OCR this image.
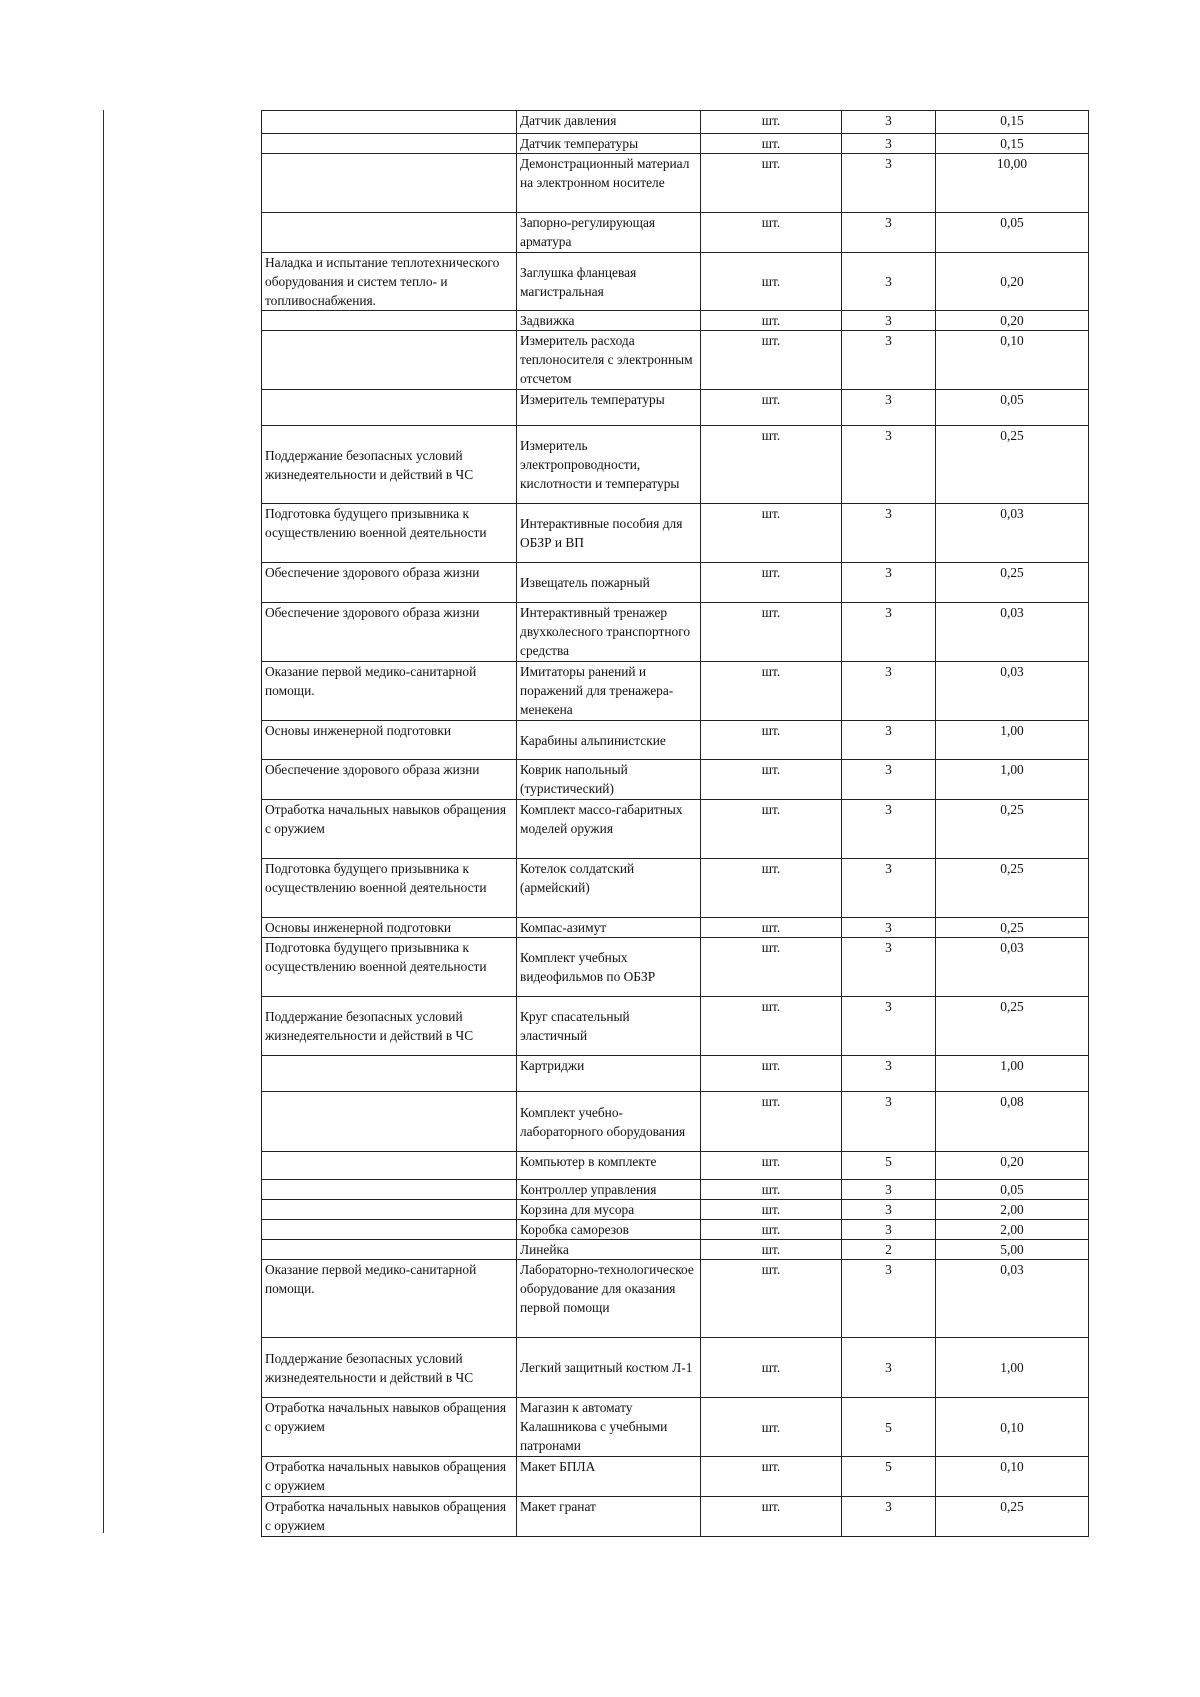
	Датчик давления	шт.	3	0,15
	Датчик температуры	шт.	3	0,15
	Демонстрационный материал на электронном носителе	шт.	3	10,00
	Запорно-регулирующая арматура	шт.	3	0,05
Наладка и испытание теплотехнического оборудования и систем тепло- и топливоснабжения.	Заглушка фланцевая магистральная	шт.	3	0,20
	Задвижка	шт.	3	0,20
	Измеритель расхода теплоносителя с электронным отсчетом	шт.	3	0,10
	Измеритель температуры	шт.	3	0,05
Поддержание безопасных условий жизнедеятельности и действий в ЧС	Измеритель электропроводности, кислотности и температуры	шт.	3	0,25
Подготовка будущего призывника к осуществлению военной деятельности	Интерактивные пособия для ОБЗР и ВП	шт.	3	0,03
Обеспечение здорового образа жизни	Извещатель пожарный	шт.	3	0,25
Обеспечение здорового образа жизни	Интерактивный тренажер двухколесного транспортного средства	шт.	3	0,03
Оказание первой медико-санитарной помощи.	Имитаторы ранений и поражений для тренажера-менекена	шт.	3	0,03
Основы инженерной подготовки	Карабины альпинистские	шт.	3	1,00
Обеспечение здорового образа жизни	Коврик напольный (туристический)	шт.	3	1,00
Отработка начальных навыков обращения с оружием	Комплект массо-габаритных моделей оружия	шт.	3	0,25
Подготовка будущего призывника к осуществлению военной деятельности	Котелок солдатский (армейский)	шт.	3	0,25
Основы инженерной подготовки	Компас-азимут	шт.	3	0,25
Подготовка будущего призывника к осуществлению военной деятельности	Комплект учебных видеофильмов по ОБЗР	шт.	3	0,03
Поддержание безопасных условий жизнедеятельности и действий в ЧС	Круг спасательный эластичный	шт.	3	0,25
	Картриджи	шт.	3	1,00
	Комплект учебно-лабораторного оборудования	шт.	3	0,08
	Компьютер в комплекте	шт.	5	0,20
	Контроллер управления	шт.	3	0,05
	Корзина для мусора	шт.	3	2,00
	Коробка саморезов	шт.	3	2,00
	Линейка	шт.	2	5,00
Оказание первой медико-санитарной помощи.	Лабораторно-технологическое оборудование для оказания первой помощи	шт.	3	0,03
Поддержание безопасных условий жизнедеятельности и действий в ЧС	Легкий защитный костюм Л-1	шт.	3	1,00
Отработка начальных навыков обращения с оружием	Магазин к автомату Калашникова с учебными патронами	шт.	5	0,10
Отработка начальных навыков обращения с оружием	Макет БПЛА	шт.	5	0,10
Отработка начальных навыков обращения с оружием	Макет гранат	шт.	3	0,25
